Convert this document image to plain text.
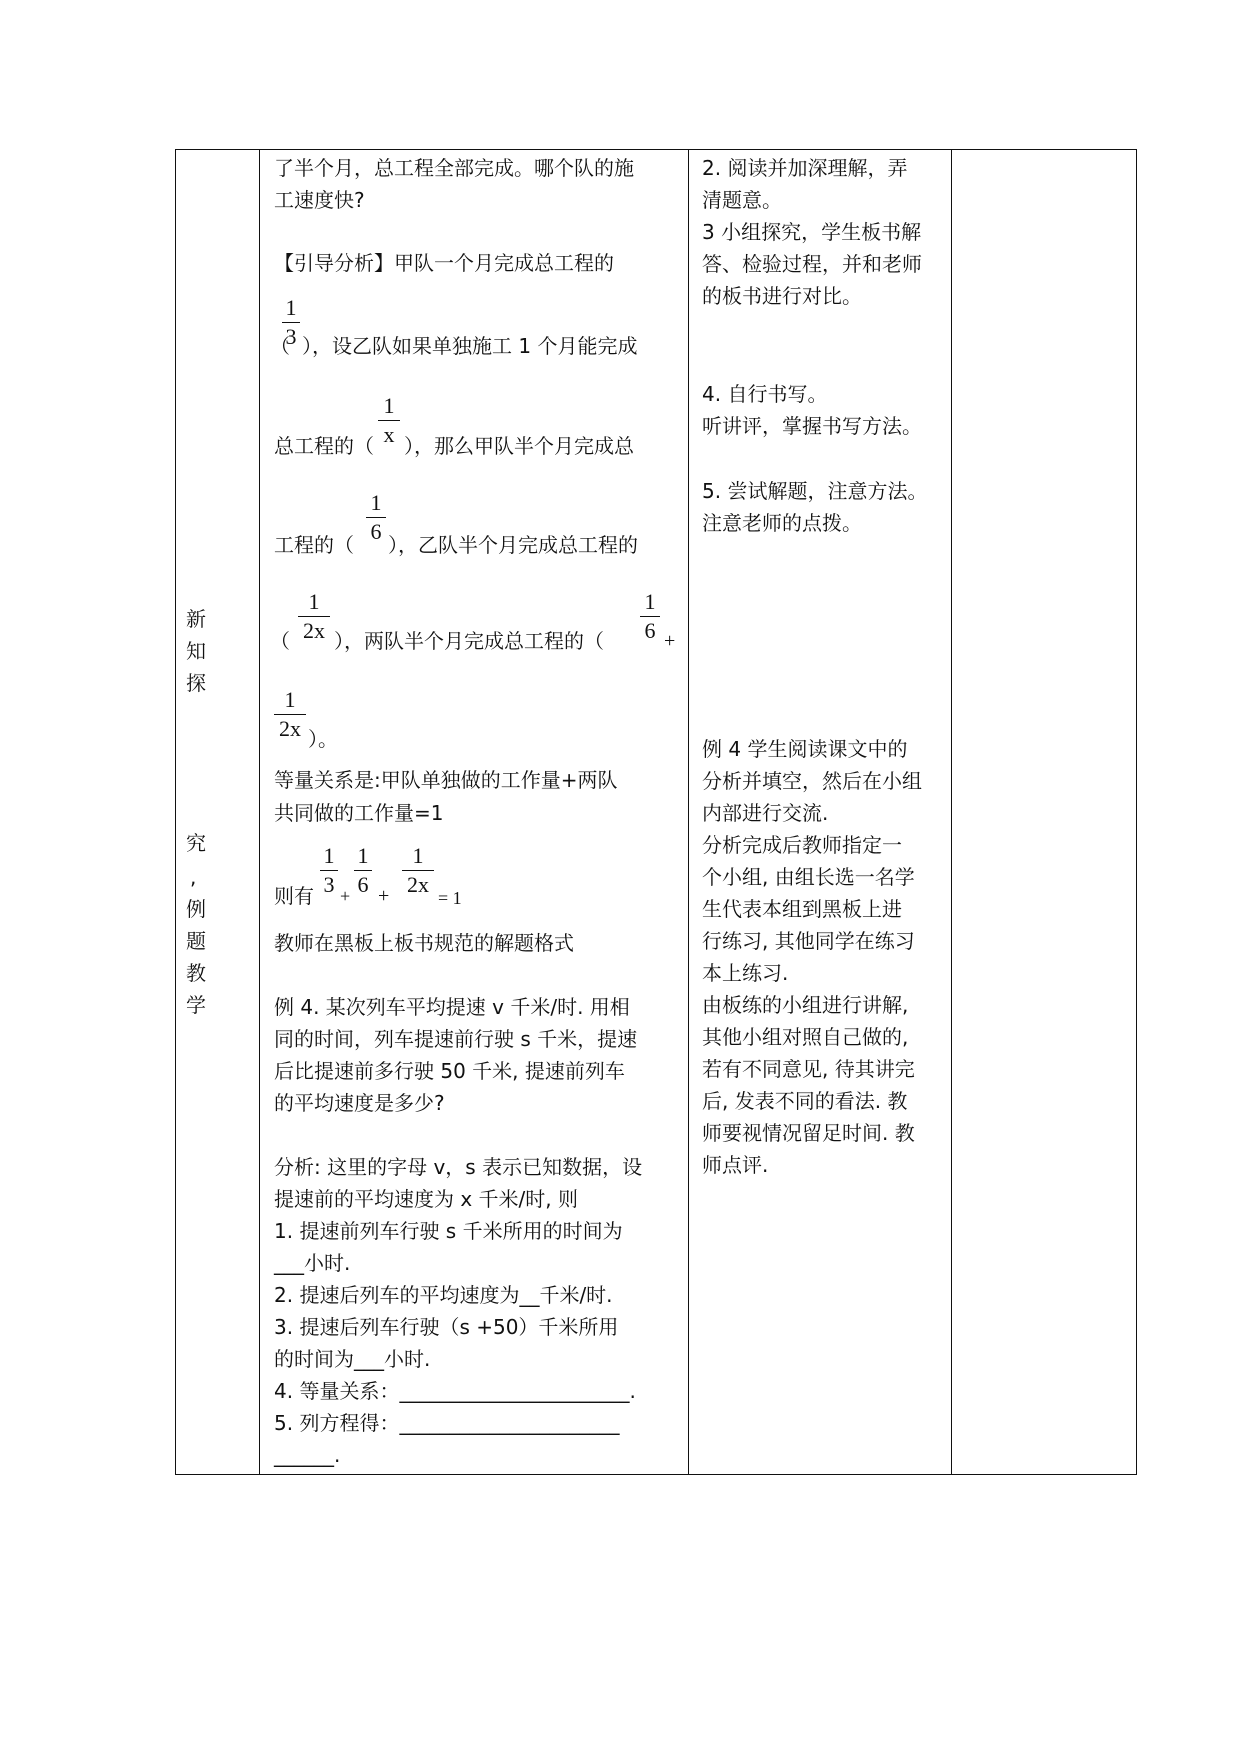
新
知
探
究
,
例
题
教
学
了半个月，总工程全部完成。哪个队的施
工速度快?
【引导分析】甲队一个月完成总工程的
1
3
（ ），设乙队如果单独施工 1 个月能完成
1
x
总工程的（ ），那么甲队半个月完成总
1
6
工程的（ ），乙队半个月完成总工程的
1
2x
（ ），两队半个月完成总工程的（
1
6 +
1
2x ）。
等量关系是:甲队单独做的工作量+两队
共同做的工作量=1
则有
1
3 +
1
6 +
1
2x
= 1
教师在黑板上板书规范的解题格式
例 4. 某次列车平均提速 v 千米/时. 用相
同的时间，列车提速前行驶 s 千米，提速
后比提速前多行驶 50 千米, 提速前列车
的平均速度是多少?
分析: 这里的字母 v，s 表示已知数据，设
提速前的平均速度为 x 千米/时, 则
1. 提速前列车行驶 s 千米所用的时间为
___小时.
2. 提速后列车的平均速度为__千米/时.
3. 提速后列车行驶（s +50）千米所用
的时间为___小时.
4. 等量关系：_______________________.
5. 列方程得：______________________
______.
2. 阅读并加深理解，弄
清题意。
3 小组探究，学生板书解
答、检验过程，并和老师
的板书进行对比。
4. 自行书写。
听讲评，掌握书写方法。
5. 尝试解题，注意方法。
注意老师的点拨。
例 4 学生阅读课文中的
分析并填空，然后在小组
内部进行交流.
分析完成后教师指定一
个小组, 由组长选一名学
生代表本组到黑板上进
行练习, 其他同学在练习
本上练习.
由板练的小组进行讲解,
其他小组对照自己做的,
若有不同意见, 待其讲完
后, 发表不同的看法. 教
师要视情况留足时间. 教
师点评.
